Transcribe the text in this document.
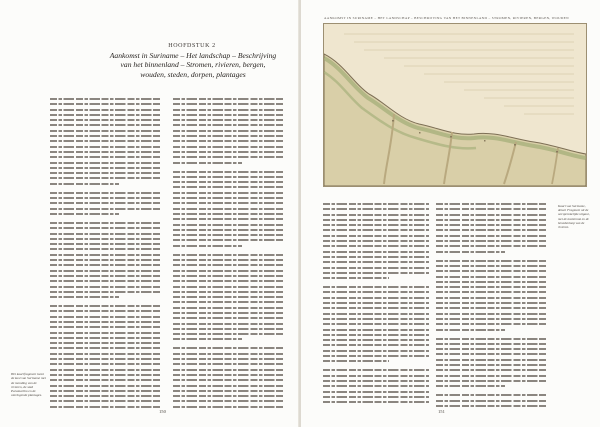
HOOFDSTUK 2
Aankomst in Suriname – Het landschap – Beschrijving van het binnenland – Stromen, rivieren, bergen, wouden, steden, dorpen, plantages
Het kaartfragment toont de kust van Suriname met de monding van de rivieren, de stad Paramaribo en de omringende plantages.
150
AANKOMST IN SURINAME – HET LANDSCHAP – BESCHRIJVING VAN HET BINNENLAND – STROMEN, RIVIEREN, BERGEN, WOUDEN
Kaart van Suriname, detail. Fragment uit de oorspronkelijke uitgave, met de kuststrook en de benedenloop van de rivieren.
151
